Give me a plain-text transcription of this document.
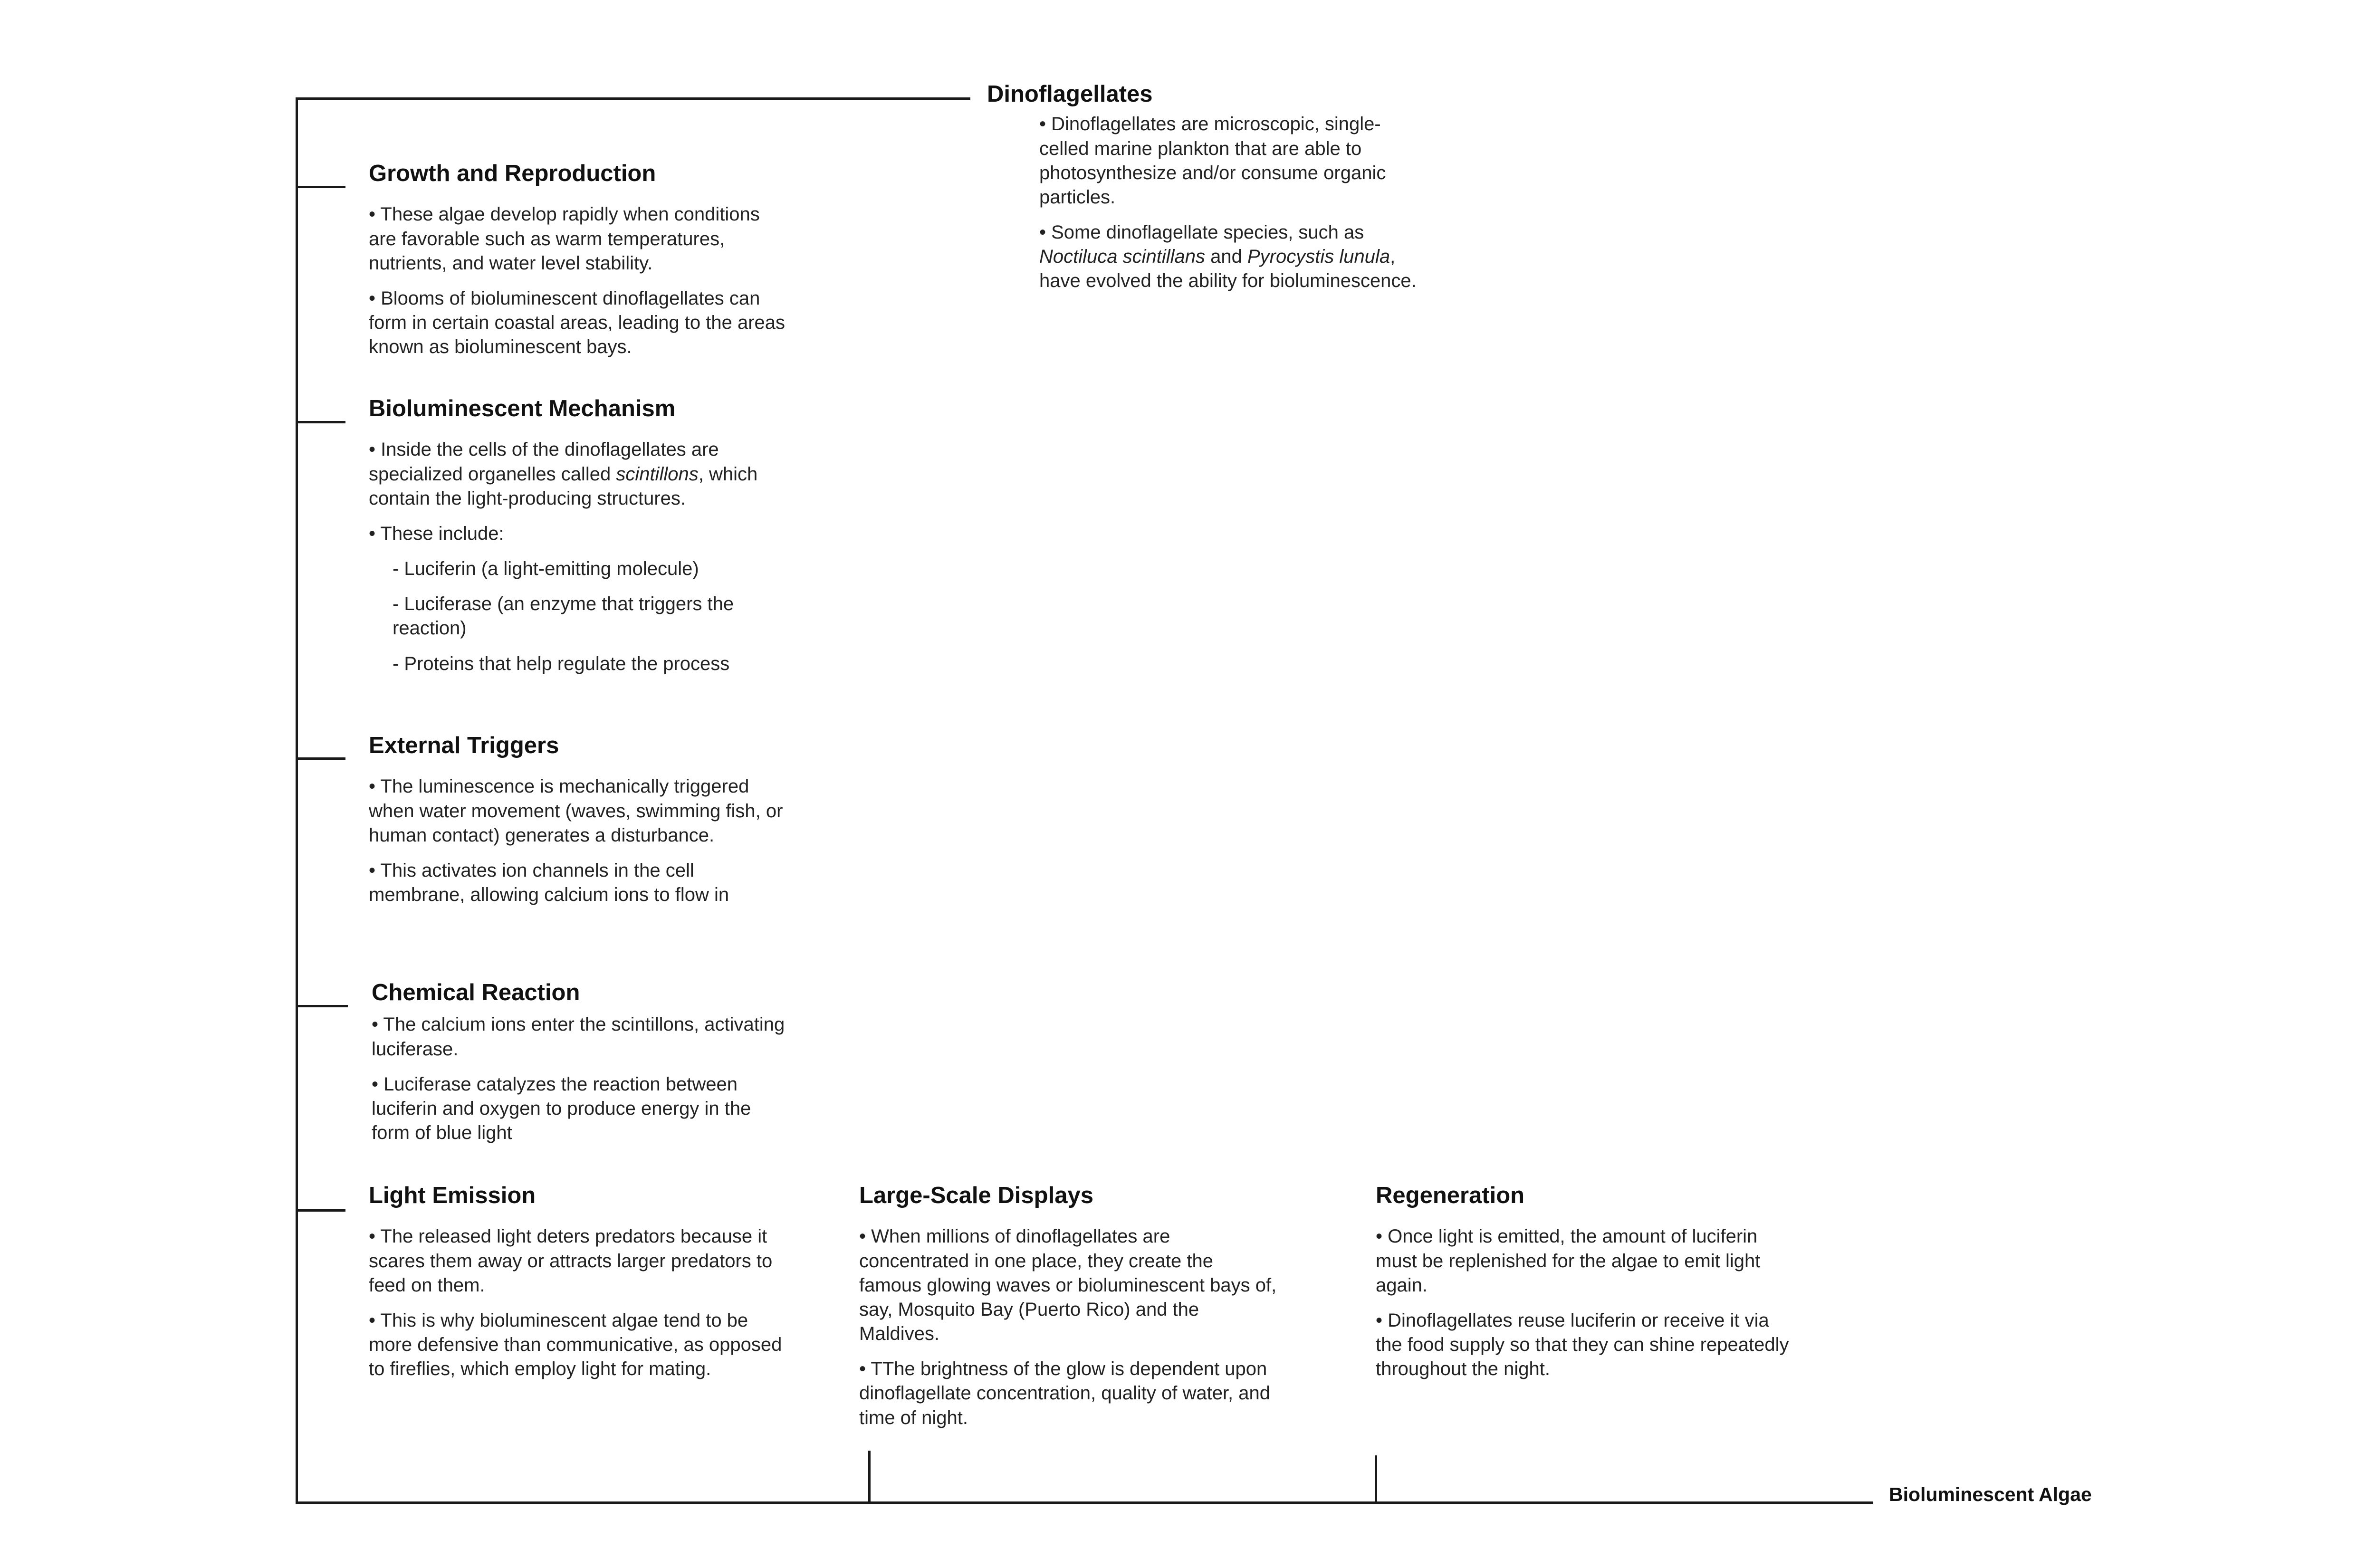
Dinoflagellates

• Dinoflagellates are microscopic, single-celled marine plankton that are able to photosynthesize and/or consume organic particles.

• Some dinoflagellate species, such as Noctiluca scintillans and Pyrocystis lunula, have evolved the ability for bioluminescence.

Growth and Reproduction

• These algae develop rapidly when conditions are favorable such as warm temperatures, nutrients, and water level stability.

• Blooms of bioluminescent dinoflagellates can form in certain coastal areas, leading to the areas known as bioluminescent bays.

Bioluminescent Mechanism

• Inside the cells of the dinoflagellates are specialized organelles called scintillons, which contain the light-producing structures.

• These include:

- Luciferin (a light-emitting molecule)

- Luciferase (an enzyme that triggers the reaction)

- Proteins that help regulate the process

External Triggers

• The luminescence is mechanically triggered when water movement (waves, swimming fish, or human contact) generates a disturbance.

• This activates ion channels in the cell membrane, allowing calcium ions to flow in

Chemical Reaction

• The calcium ions enter the scintillons, activating luciferase.

• Luciferase catalyzes the reaction between luciferin and oxygen to produce energy in the form of blue light

Light Emission

• The released light deters predators because it scares them away or attracts larger predators to feed on them.

• This is why bioluminescent algae tend to be more defensive than communicative, as opposed to fireflies, which employ light for mating.

Large-Scale Displays

• When millions of dinoflagellates are concentrated in one place, they create the famous glowing waves or bioluminescent bays of, say, Mosquito Bay (Puerto Rico) and the Maldives.

• TThe brightness of the glow is dependent upon dinoflagellate concentration, quality of water, and time of night.

Regeneration

• Once light is emitted, the amount of luciferin must be replenished for the algae to emit light again.

• Dinoflagellates reuse luciferin or receive it via the food supply so that they can shine repeatedly throughout the night.

Bioluminescent Algae
